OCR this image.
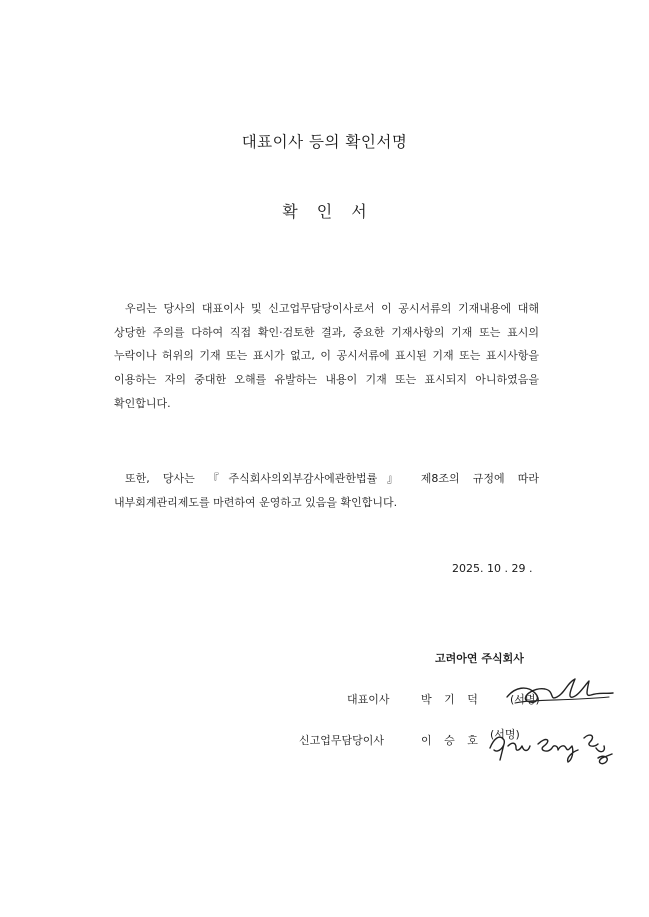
대표이사 등의 확인서명
확 인 서

우리는 당사의 대표이사 및 신고업무담당이사로서 이 공시서류의 기재내용에 대해 상당한 주의를 다하여 직접 확인·검토한 결과, 중요한 기재사항의 기재 또는 표시의 누락이나 허위의 기재 또는 표시가 없고, 이 공시서류에 표시된 기재 또는 표시사항을 이용하는 자의 중대한 오해를 유발하는 내용이 기재 또는 표시되지 아니하였음을 확인합니다.

또한, 당사는 『주식회사의외부감사에관한법률』 제8조의 규정에 따라 내부회계관리제도를 마련하여 운영하고 있음을 확인합니다.

2025. 10 . 29 .

고려아연 주식회사

대표이사	박 기 덕	(서명)
신고업무담당이사	이 승 호 (서명)
